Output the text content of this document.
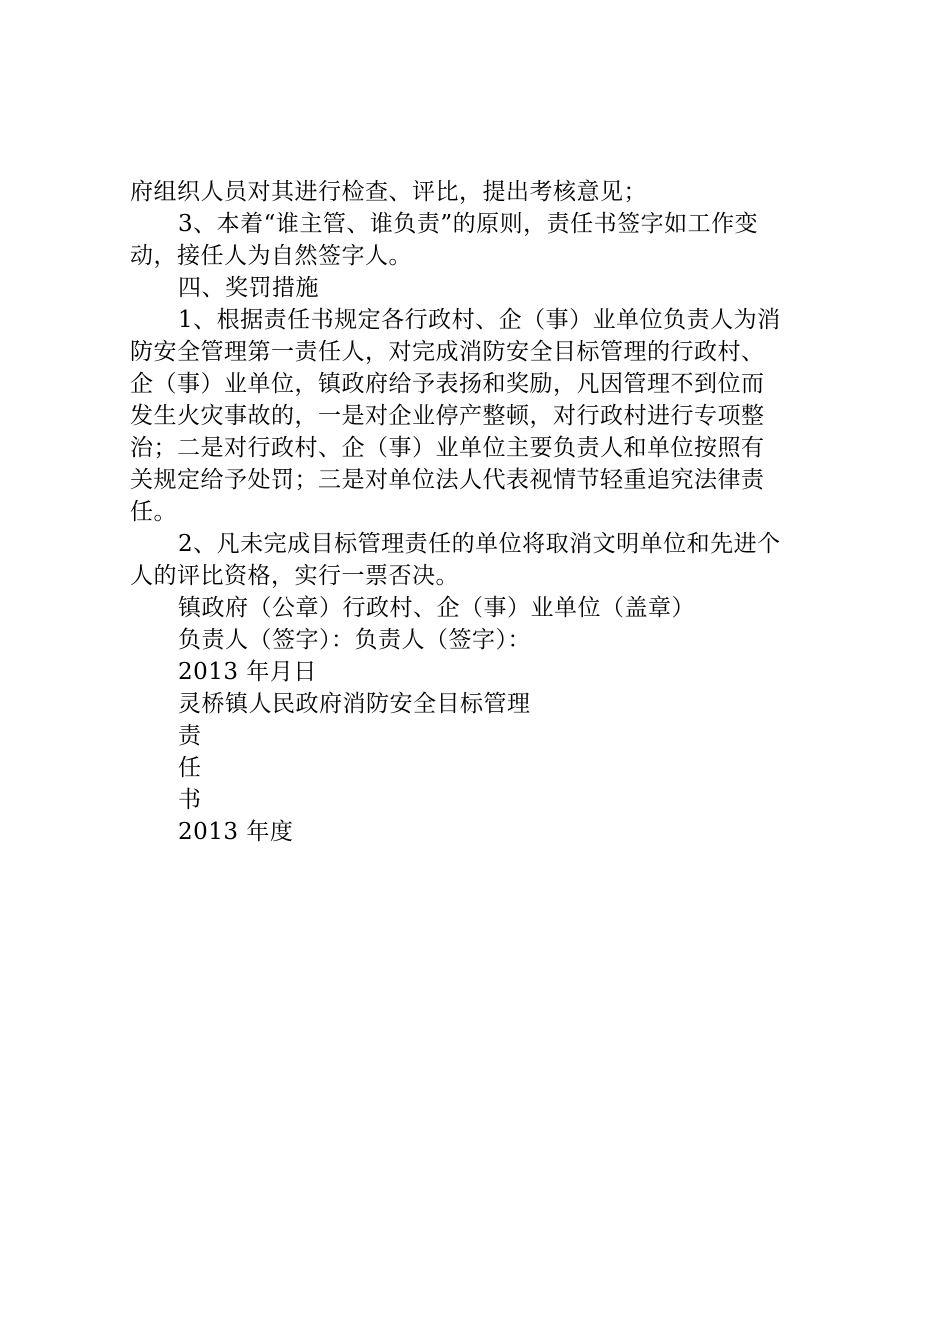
府组织人员对其进行检查、评比，提出考核意见；

3、本着“谁主管、谁负责”的原则，责任书签字如工作变

动，接任人为自然签字人。

四、奖罚措施

1、根据责任书规定各行政村、企（事）业单位负责人为消

防安全管理第一责任人，对完成消防安全目标管理的行政村、

企（事）业单位，镇政府给予表扬和奖励，凡因管理不到位而

发生火灾事故的，一是对企业停产整顿，对行政村进行专项整

治；二是对行政村、企（事）业单位主要负责人和单位按照有

关规定给予处罚；三是对单位法人代表视情节轻重追究法律责

任。

2、凡未完成目标管理责任的单位将取消文明单位和先进个

人的评比资格，实行一票否决。

镇政府（公章）行政村、企（事）业单位（盖章）

负责人（签字）：负责人（签字）：

2013 年月日

灵桥镇人民政府消防安全目标管理

责

任

书

2013 年度
